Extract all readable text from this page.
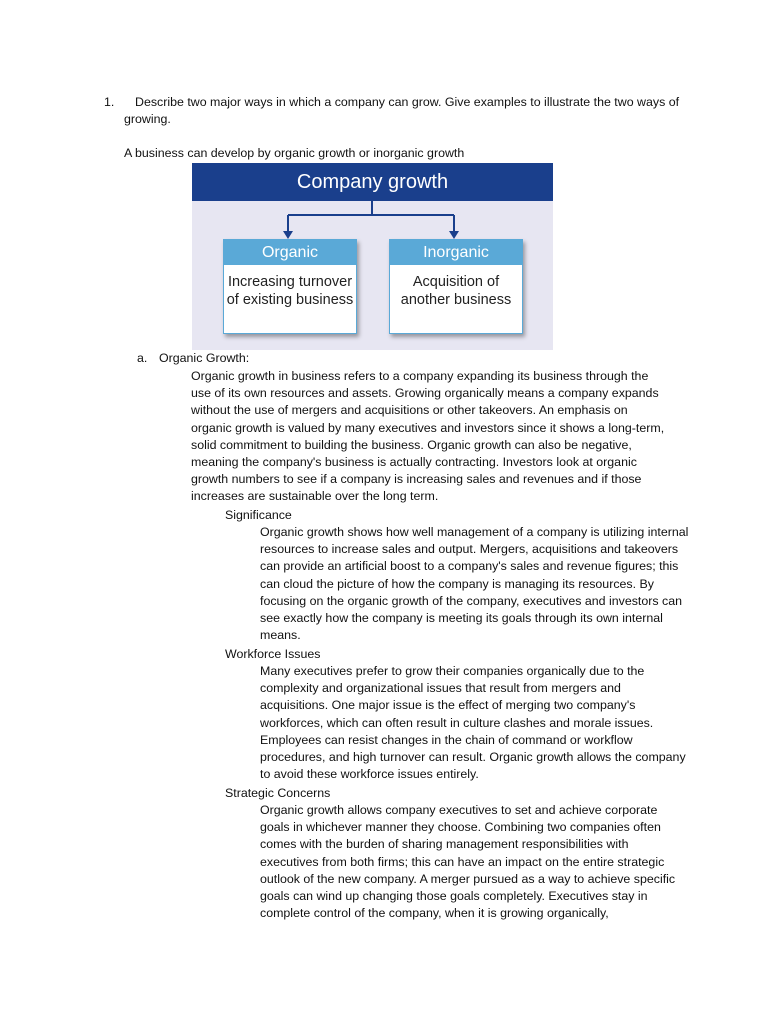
1.	Describe two major ways in which a company can grow. Give examples to illustrate the two ways of growing.
A business can develop by organic growth or inorganic growth
Company growth
Organic
Increasing turnover of existing business
Inorganic
Acquisition of another business
a. Organic Growth:
Organic growth in business refers to a company expanding its business through the use of its own resources and assets. Growing organically means a company expands without the use of mergers and acquisitions or other takeovers. An emphasis on organic growth is valued by many executives and investors since it shows a long-term, solid commitment to building the business. Organic growth can also be negative, meaning the company's business is actually contracting. Investors look at organic growth numbers to see if a company is increasing sales and revenues and if those increases are sustainable over the long term.
Significance
Organic growth shows how well management of a company is utilizing internal resources to increase sales and output. Mergers, acquisitions and takeovers can provide an artificial boost to a company's sales and revenue figures; this can cloud the picture of how the company is managing its resources. By focusing on the organic growth of the company, executives and investors can see exactly how the company is meeting its goals through its own internal means.
Workforce Issues
Many executives prefer to grow their companies organically due to the complexity and organizational issues that result from mergers and acquisitions. One major issue is the effect of merging two company's workforces, which can often result in culture clashes and morale issues. Employees can resist changes in the chain of command or workflow procedures, and high turnover can result. Organic growth allows the company to avoid these workforce issues entirely.
Strategic Concerns
Organic growth allows company executives to set and achieve corporate goals in whichever manner they choose. Combining two companies often comes with the burden of sharing management responsibilities with executives from both firms; this can have an impact on the entire strategic outlook of the new company. A merger pursued as a way to achieve specific goals can wind up changing those goals completely. Executives stay in complete control of the company, when it is growing organically,
